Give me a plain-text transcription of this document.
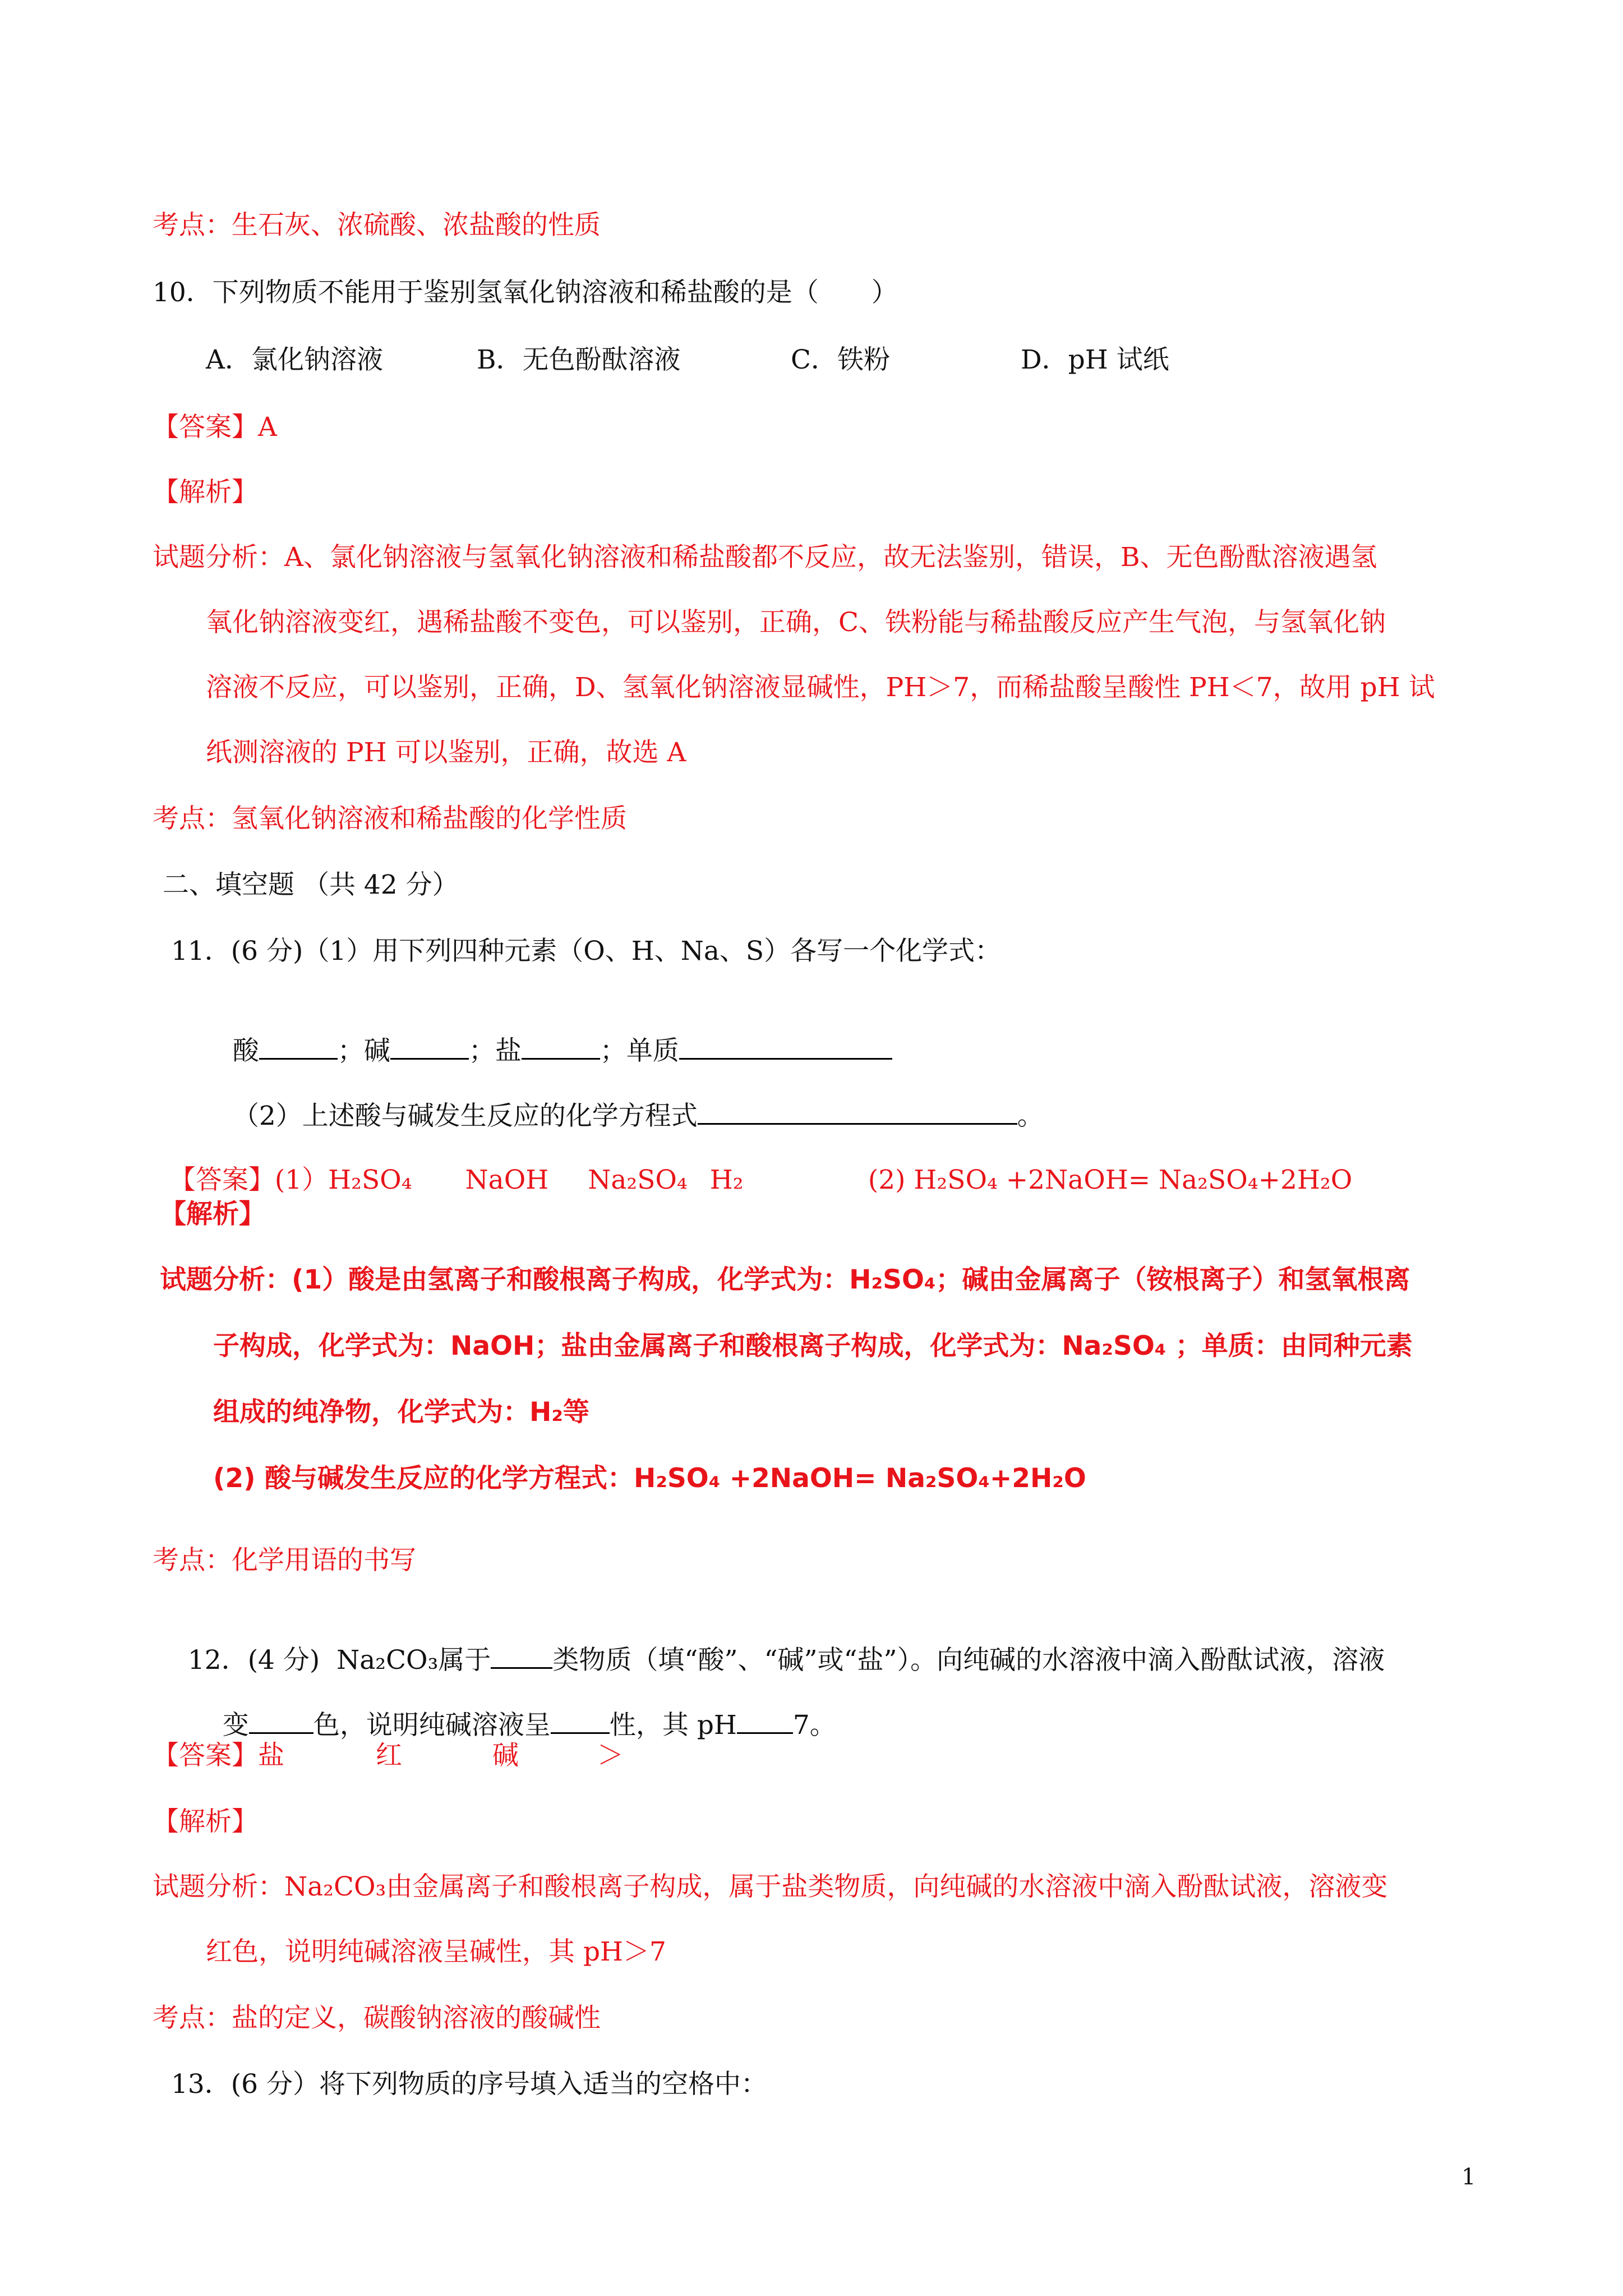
考点：生石灰、浓硫酸、浓盐酸的性质
10．下列物质不能用于鉴别氢氧化钠溶液和稀盐酸的是（　　）
A．氯化钠溶液	B．无色酚酞溶液	C．铁粉	D．pH 试纸
【答案】A
【解析】
试题分析：A、氯化钠溶液与氢氧化钠溶液和稀盐酸都不反应，故无法鉴别，错误，B、无色酚酞溶液遇氢
氧化钠溶液变红，遇稀盐酸不变色，可以鉴别，正确，C、铁粉能与稀盐酸反应产生气泡，与氢氧化钠
溶液不反应，可以鉴别，正确，D、氢氧化钠溶液显碱性，PH＞7，而稀盐酸呈酸性 PH＜7，故用 pH 试
纸测溶液的 PH 可以鉴别，正确，故选 A
考点：氢氧化钠溶液和稀盐酸的化学性质
二、填空题 （共 42 分）
11．(6 分)（1）用下列四种元素（O、H、Na、S）各写一个化学式：

酸	；碱	；盐	；单质

（2）上述酸与碱发生反应的化学方程式	。

【答案】(1）H₂SO₄ NaOH Na₂SO₄ H₂	(2) H₂SO₄ +2NaOH= Na₂SO₄+2H₂O

【解析】
试题分析：(1）酸是由氢离子和酸根离子构成，化学式为：H₂SO₄；碱由金属离子（铵根离子）和氢氧根离
子构成，化学式为：NaOH；盐由金属离子和酸根离子构成，化学式为：Na₂SO₄ ；单质：由同种元素
组成的纯净物，化学式为：H₂等
(2) 酸与碱发生反应的化学方程式：H₂SO₄ +2NaOH= Na₂SO₄+2H₂O
考点：化学用语的书写

12．(4 分)  Na₂CO₃属于 类物质（填“酸”、“碱”或“盐”）。向纯碱的水溶液中滴入酚酞试液，溶液

变 色，说明纯碱溶液呈 性，其 pH 7。

【答案】盐	红	碱	＞
【解析】
试题分析：Na₂CO₃由金属离子和酸根离子构成，属于盐类物质，向纯碱的水溶液中滴入酚酞试液，溶液变
红色，说明纯碱溶液呈碱性，其 pH＞7
考点：盐的定义，碳酸钠溶液的酸碱性
13．(6 分）将下列物质的序号填入适当的空格中：
1
